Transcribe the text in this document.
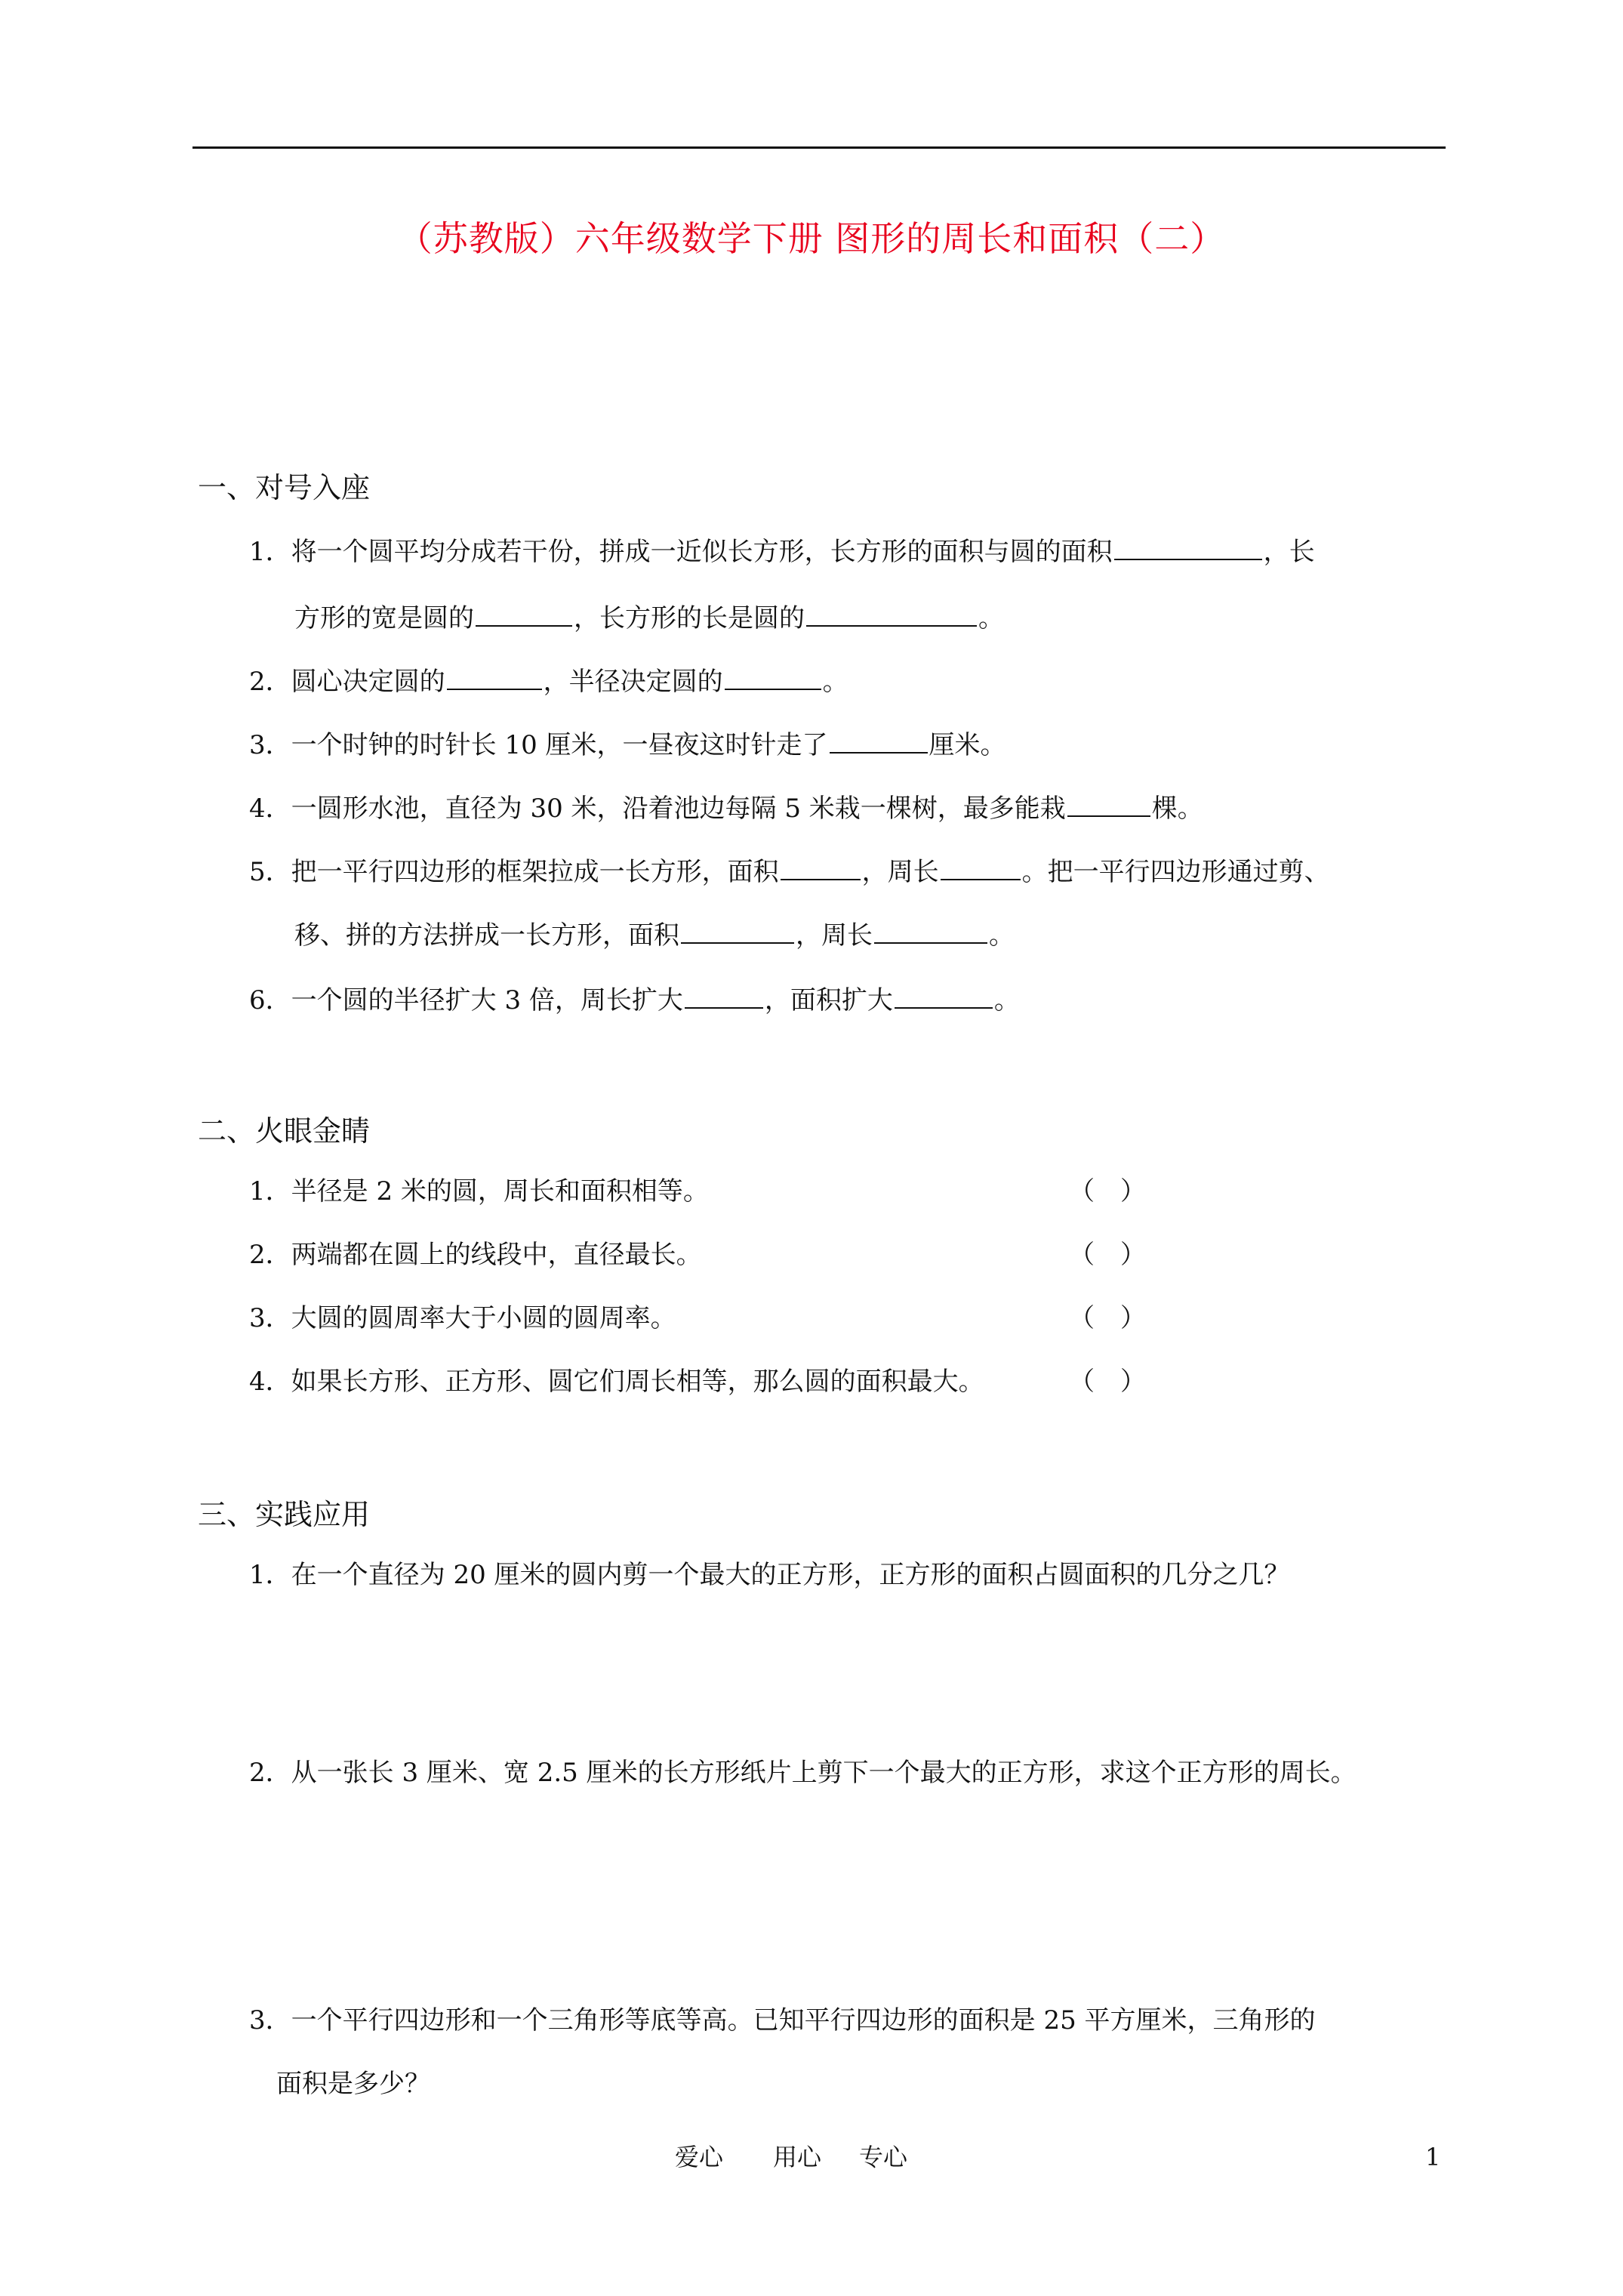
（苏教版）六年级数学下册 图形的周长和面积（二）
一、对号入座
1．将一个圆平均分成若干份，拼成一近似长方形，长方形的面积与圆的面积	，长
方形的宽是圆的	，长方形的长是圆的	。
2．圆心决定圆的	，半径决定圆的	。
3．一个时钟的时针长 10 厘米，一昼夜这时针走了	厘米。
4．一圆形水池，直径为 30 米，沿着池边每隔 5 米栽一棵树，最多能栽	棵。
5．把一平行四边形的框架拉成一长方形，面积	，周长	。把一平行四边形通过剪、
移、拼的方法拼成一长方形，面积	，周长	。
6．一个圆的半径扩大 3 倍，周长扩大	，面积扩大	。
二、火眼金睛
1．半径是 2 米的圆，周长和面积相等。	（　）
2．两端都在圆上的线段中，直径最长。	（　）
3．大圆的圆周率大于小圆的圆周率。	（　）
4．如果长方形、正方形、圆它们周长相等，那么圆的面积最大。	（　）
三、实践应用
1．在一个直径为 20 厘米的圆内剪一个最大的正方形，正方形的面积占圆面积的几分之几？
2．从一张长 3 厘米、宽 2.5 厘米的长方形纸片上剪下一个最大的正方形，求这个正方形的周长。
3．一个平行四边形和一个三角形等底等高。已知平行四边形的面积是 25 平方厘米，三角形的
面积是多少？
爱心 用心 专心	1
